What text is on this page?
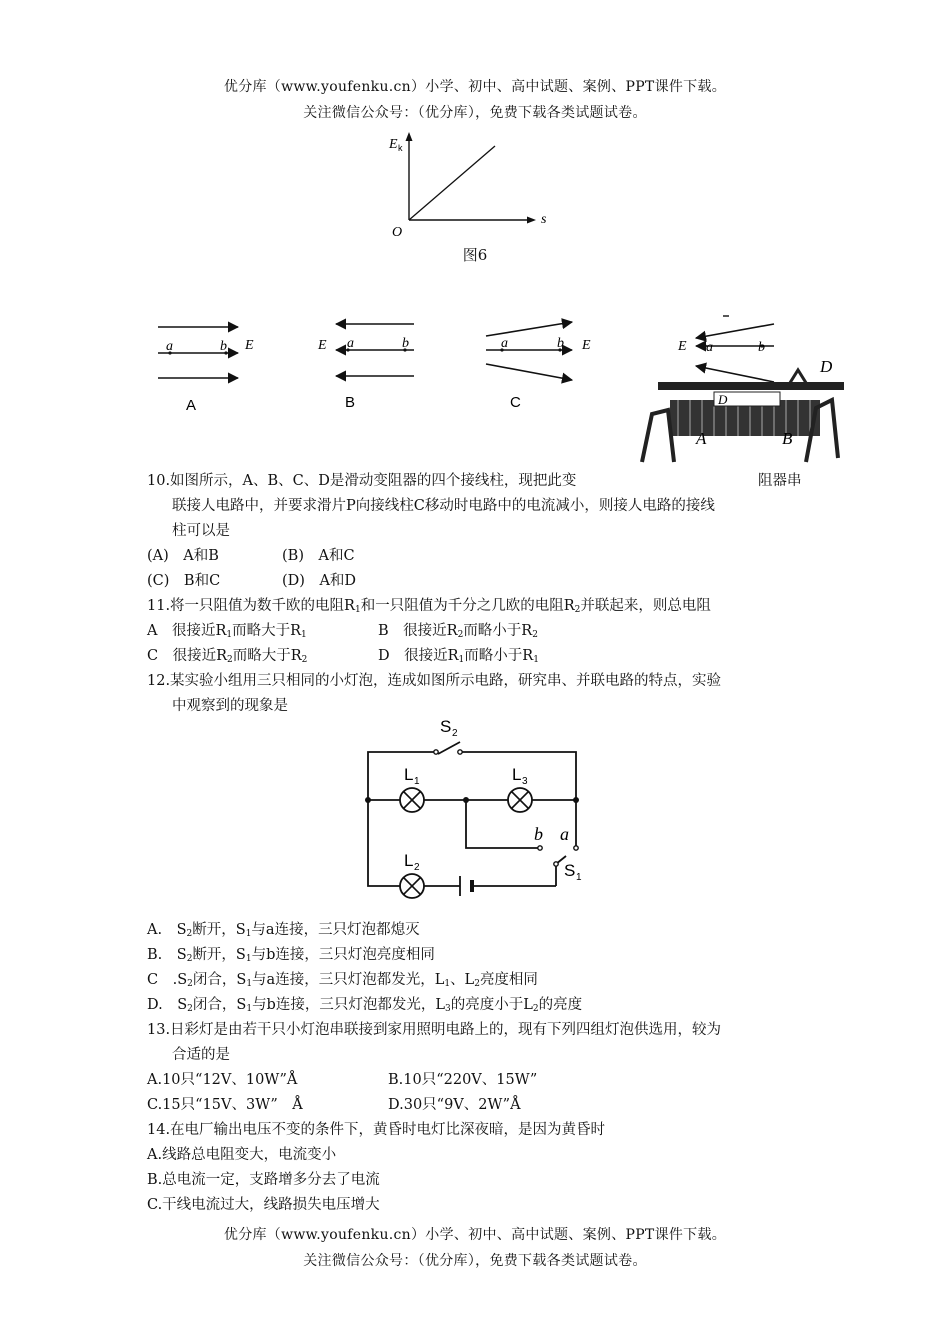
优分库（www.youfenku.cn）小学、初中、高中试题、案例、PPT课件下载。
关注微信公众号：（优分库），免费下载各类试题试卷。
E k
s
O
图6
a	b E
A
a	b
E
B
a	b E
C
a	b
E
D
D
A	B
10.如图所示，A、B、C、D是滑动变阻器的四个接线柱，现把此变	阻器串
联接人电路中，并要求滑片P向接线柱C移动时电路中的电流减小，则接人电路的接线
柱可以是
(A)　A和B	(B)　A和C
(C)　B和C	(D)　A和D
11.将一只阻值为数千欧的电阻$R_1$和一只阻值为千分之几欧的电阻$R_2$并联起来，则总电阻
A　很接近$R_1$而略大于$R_1$	B　很接近$R_2$而略小于$R_2$
C　很接近$R_2$而略大于$R_2$	D　很接近$R_1$而略小于$R_1$
12.某实验小组用三只相同的小灯泡，连成如图所示电路，研究串、并联电路的特点，实验
中观察到的现象是
S 2
L 1	L 3
L 2
b a
S 1
A.　$S_2$断开，$S_1$与a连接，三只灯泡都熄灭
B.　$S_2$断开，$S_1$与b连接，三只灯泡亮度相同
C　$.S_2$闭合，$S_1$与a连接，三只灯泡都发光，$L_1$、$L_2$亮度相同
D.　$S_2$闭合，$S_1$与b连接，三只灯泡都发光，$L_3$的亮度小于$L_2$的亮度
13.日彩灯是由若干只小灯泡串联接到家用照明电路上的，现有下列四组灯泡供选用，较为
合适的是
A.10只“12V、10W”Å	B.10只“220V、15W”
C.15只“15V、3W”　Å	D.30只“9V、2W”Å
14.在电厂输出电压不变的条件下，黄昏时电灯比深夜暗，是因为黄昏时
A.线路总电阻变大，电流变小
B.总电流一定，支路增多分去了电流
C.干线电流过大，线路损失电压增大
优分库（www.youfenku.cn）小学、初中、高中试题、案例、PPT课件下载。
关注微信公众号：（优分库），免费下载各类试题试卷。
